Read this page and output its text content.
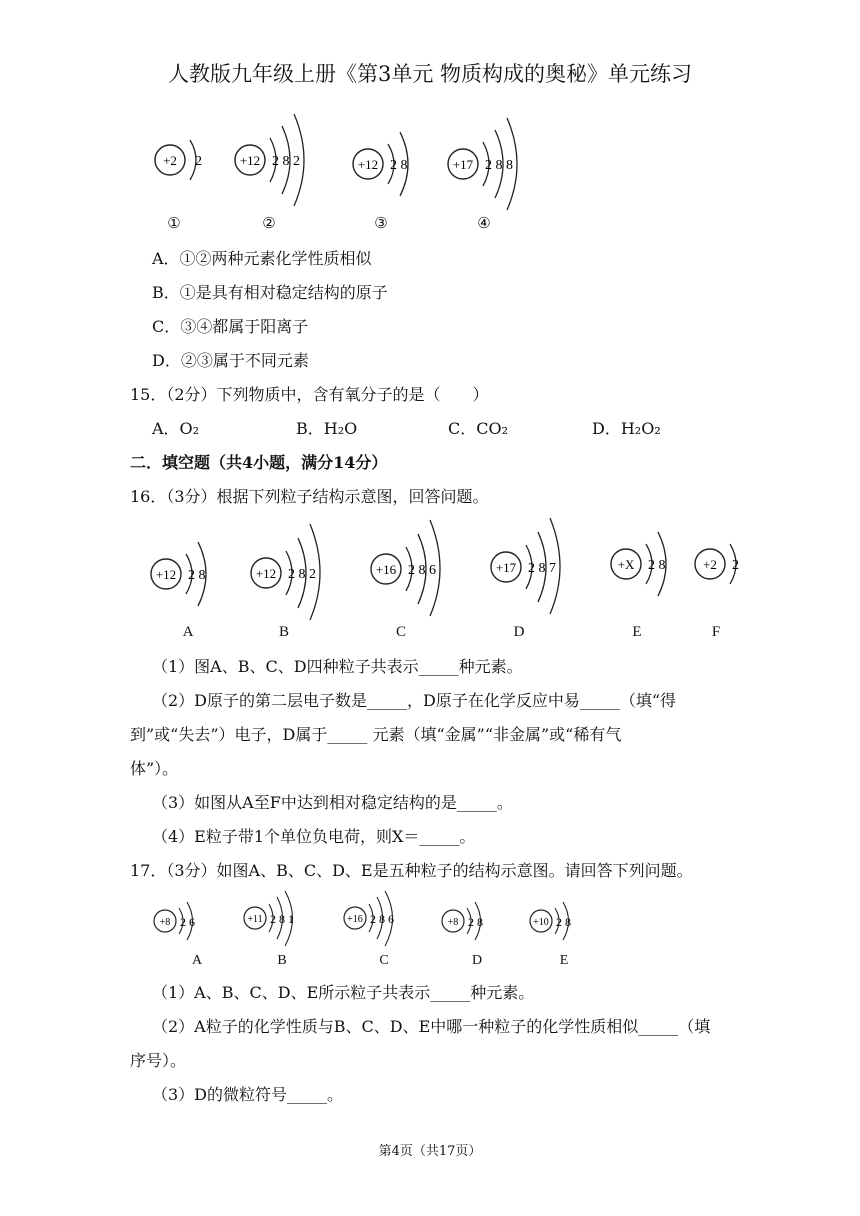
人教版九年级上册《第3单元 物质构成的奥秘》单元练习
+2 2	+12 2 8 2	+12 2 8	+17 2 8 8
①	②	③	④
A．①②两种元素化学性质相似
B．①是具有相对稳定结构的原子
C．③④都属于阳离子
D．②③属于不同元素
15．（2分）下列物质中，含有氧分子的是（　　）
A．O₂	B．H₂O	C．CO₂	D．H₂O₂
二．填空题（共4小题，满分14分）
16．（3分）根据下列粒子结构示意图，回答问题。
+12 2 8	+12 2 8 2	+16 2 8 6	+17 2 8 7	+X 2 8	+2 2
A	B	C	D	E	F
（1）图A、B、C、D四种粒子共表示_____种元素。
（2）D原子的第二层电子数是_____，D原子在化学反应中易_____（填“得
到”或“失去”）电子，D属于_____ 元素（填“金属”“非金属”或“稀有气
体”）。
（3）如图从A至F中达到相对稳定结构的是_____。
（4）E粒子带1个单位负电荷，则X＝_____。
17．（3分）如图A、B、C、D、E是五种粒子的结构示意图。请回答下列问题。
+8 2 6	+11 2 8 1	+16 2 8 6	+8 2 8	+10 2 8
A	B	C	D	E
（1）A、B、C、D、E所示粒子共表示_____种元素。
（2）A粒子的化学性质与B、C、D、E中哪一种粒子的化学性质相似_____（填
序号）。
（3）D的微粒符号_____。
第4页（共17页）
